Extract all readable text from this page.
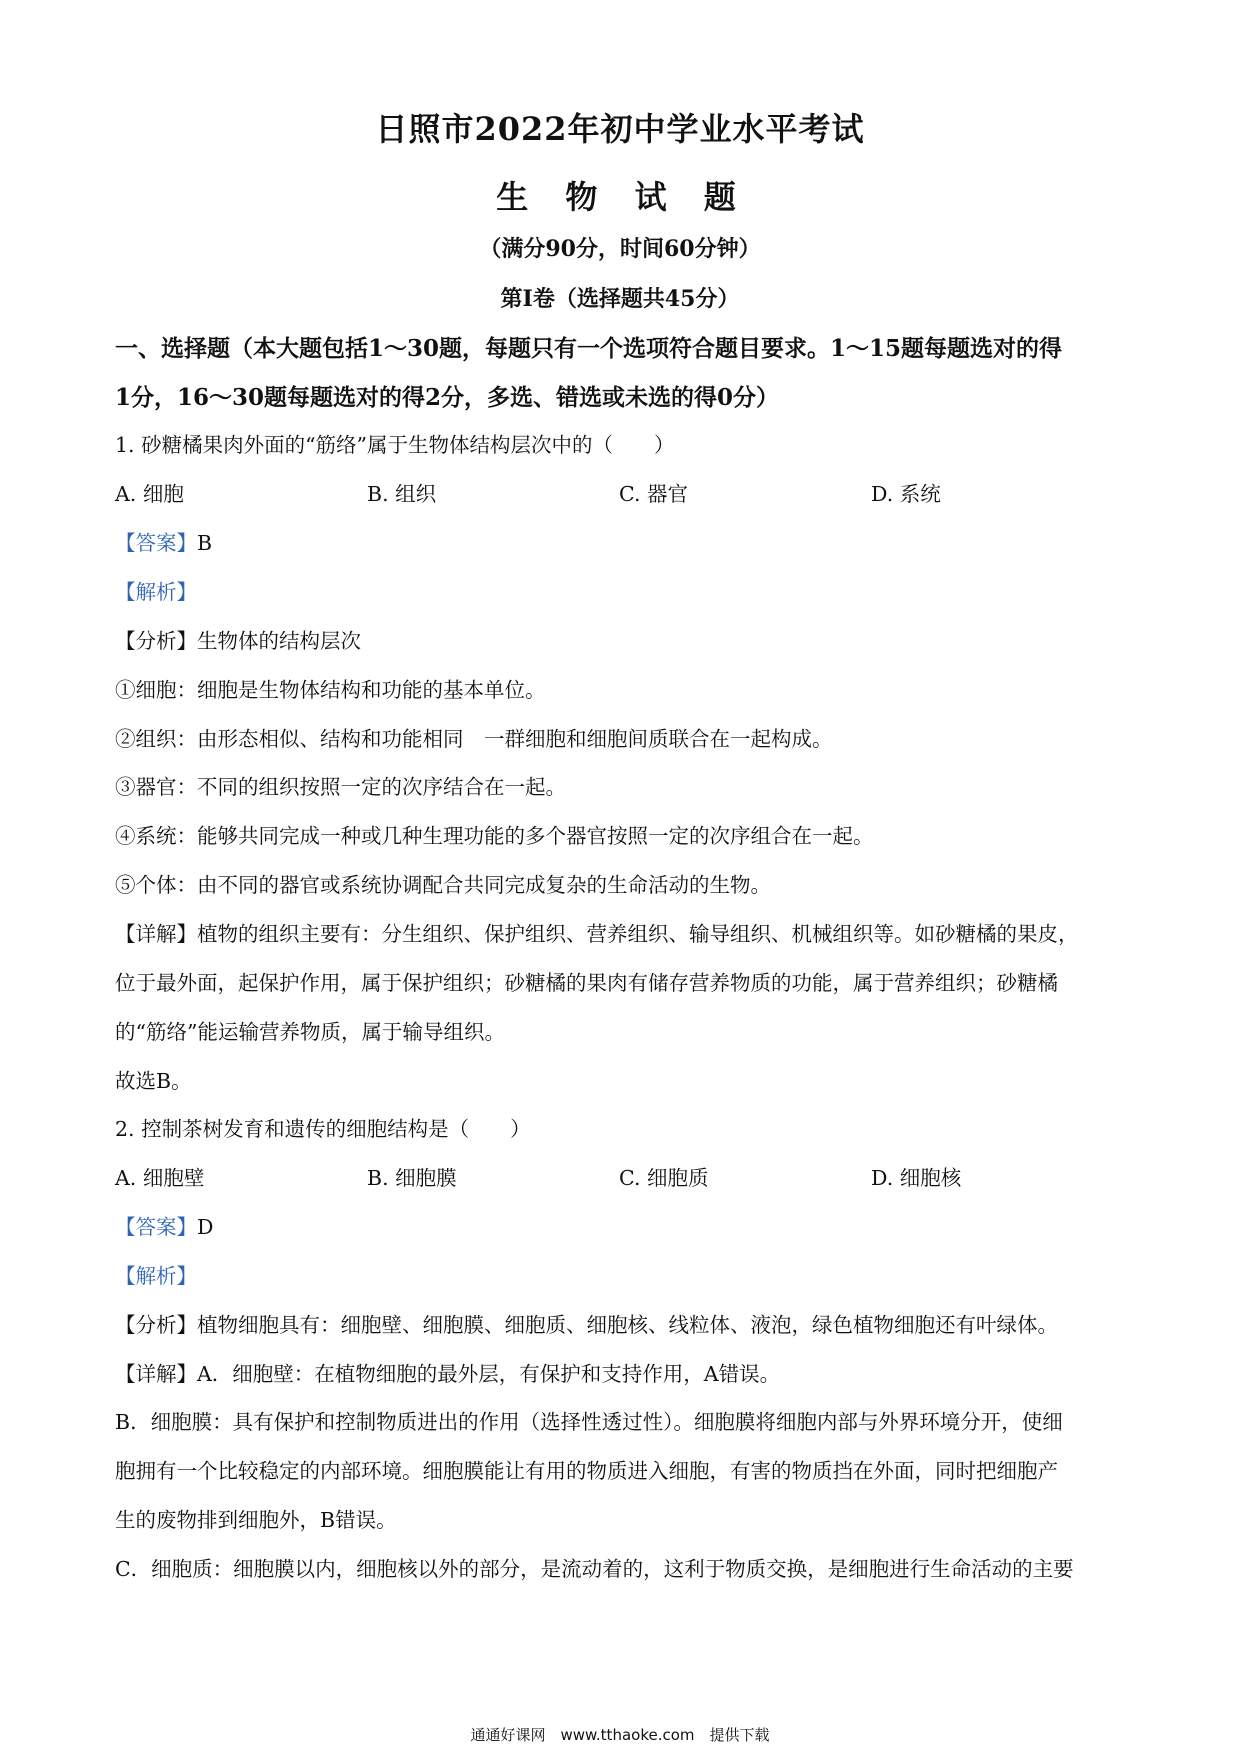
日照市2022年初中学业水平考试
生 物 试 题
（满分90分，时间60分钟）
第Ⅰ卷（选择题共45分）
一、选择题（本大题包括1～30题，每题只有一个选项符合题目要求。1～15题每题选对的得
1分，16～30题每题选对的得2分，多选、错选或未选的得0分）
1. 砂糖橘果肉外面的“筋络”属于生物体结构层次中的（　　）
A. 细胞	B. 组织	C. 器官	D. 系统
【答案】B
【解析】
【分析】生物体的结构层次
①细胞：细胞是生物体结构和功能的基本单位。
②组织：由形态相似、结构和功能相同　一群细胞和细胞间质联合在一起构成。
③器官：不同的组织按照一定的次序结合在一起。
④系统：能够共同完成一种或几种生理功能的多个器官按照一定的次序组合在一起。
⑤个体：由不同的器官或系统协调配合共同完成复杂的生命活动的生物。
【详解】植物的组织主要有：分生组织、保护组织、营养组织、输导组织、机械组织等。如砂糖橘的果皮，
位于最外面，起保护作用，属于保护组织；砂糖橘的果肉有储存营养物质的功能，属于营养组织；砂糖橘
的“筋络”能运输营养物质，属于输导组织。
故选B。
2. 控制茶树发育和遗传的细胞结构是（　　）
A. 细胞壁	B. 细胞膜	C. 细胞质	D. 细胞核
【答案】D
【解析】
【分析】植物细胞具有：细胞壁、细胞膜、细胞质、细胞核、线粒体、液泡，绿色植物细胞还有叶绿体。
【详解】A．细胞壁：在植物细胞的最外层，有保护和支持作用，A错误。
B．细胞膜：具有保护和控制物质进出的作用（选择性透过性）。细胞膜将细胞内部与外界环境分开，使细
胞拥有一个比较稳定的内部环境。细胞膜能让有用的物质进入细胞，有害的物质挡在外面，同时把细胞产
生的废物排到细胞外，B错误。
C．细胞质：细胞膜以内，细胞核以外的部分，是流动着的，这利于物质交换，是细胞进行生命活动的主要
通通好课网　www.tthaoke.com　提供下载
